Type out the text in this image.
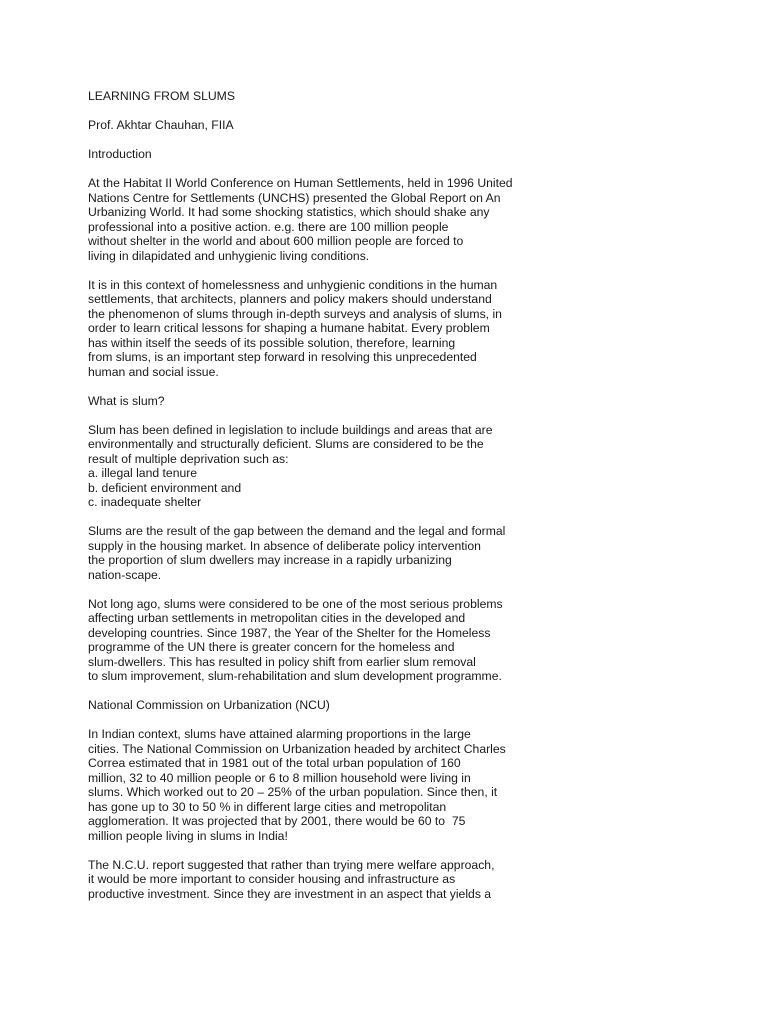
LEARNING FROM SLUMS
Prof. Akhtar Chauhan, FIIA
Introduction
At the Habitat II World Conference on Human Settlements, held in 1996 United
Nations Centre for Settlements (UNCHS) presented the Global Report on An
Urbanizing World. It had some shocking statistics, which should shake any
professional into a positive action. e.g. there are 100 million people
without shelter in the world and about 600 million people are forced to
living in dilapidated and unhygienic living conditions.
It is in this context of homelessness and unhygienic conditions in the human
settlements, that architects, planners and policy makers should understand
the phenomenon of slums through in-depth surveys and analysis of slums, in
order to learn critical lessons for shaping a humane habitat. Every problem
has within itself the seeds of its possible solution, therefore, learning
from slums, is an important step forward in resolving this unprecedented
human and social issue.
What is slum?
Slum has been defined in legislation to include buildings and areas that are
environmentally and structurally deficient. Slums are considered to be the
result of multiple deprivation such as:
a. illegal land tenure
b. deficient environment and
c. inadequate shelter
Slums are the result of the gap between the demand and the legal and formal
supply in the housing market. In absence of deliberate policy intervention
the proportion of slum dwellers may increase in a rapidly urbanizing
nation-scape.
Not long ago, slums were considered to be one of the most serious problems
affecting urban settlements in metropolitan cities in the developed and
developing countries. Since 1987, the Year of the Shelter for the Homeless
programme of the UN there is greater concern for the homeless and
slum-dwellers. This has resulted in policy shift from earlier slum removal
to slum improvement, slum-rehabilitation and slum development programme.
National Commission on Urbanization (NCU)
In Indian context, slums have attained alarming proportions in the large
cities. The National Commission on Urbanization headed by architect Charles
Correa estimated that in 1981 out of the total urban population of 160
million, 32 to 40 million people or 6 to 8 million household were living in
slums. Which worked out to 20 – 25% of the urban population. Since then, it
has gone up to 30 to 50 % in different large cities and metropolitan
agglomeration. It was projected that by 2001, there would be 60 to  75
million people living in slums in India!
The N.C.U. report suggested that rather than trying mere welfare approach,
it would be more important to consider housing and infrastructure as
productive investment. Since they are investment in an aspect that yields a
